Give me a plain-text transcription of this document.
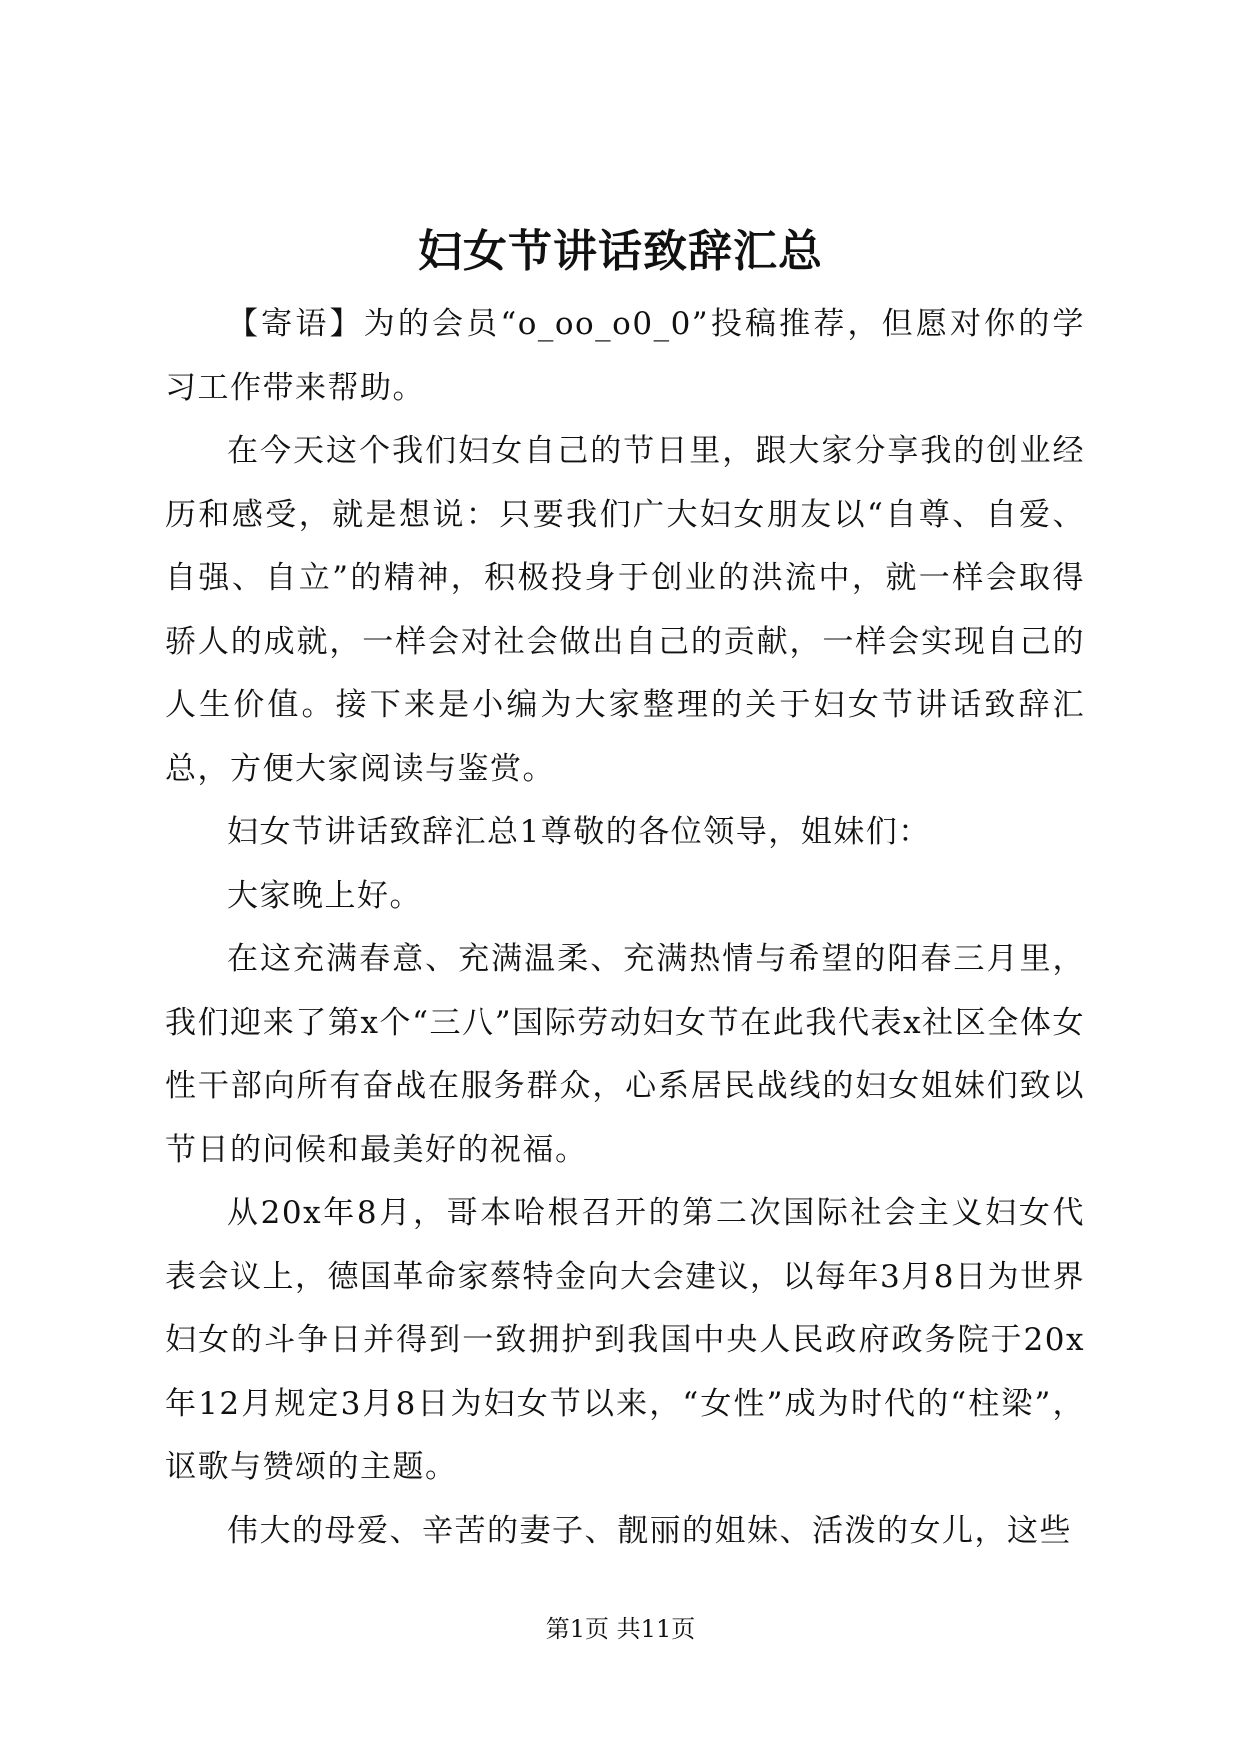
妇女节讲话致辞汇总

【寄语】为的会员“o_oo_o0_0”投稿推荐，但愿对你的学习工作带来帮助。

在今天这个我们妇女自己的节日里，跟大家分享我的创业经历和感受，就是想说：只要我们广大妇女朋友以“自尊、自爱、自强、自立”的精神，积极投身于创业的洪流中，就一样会取得骄人的成就，一样会对社会做出自己的贡献，一样会实现自己的人生价值。接下来是小编为大家整理的关于妇女节讲话致辞汇总，方便大家阅读与鉴赏。

妇女节讲话致辞汇总1尊敬的各位领导，姐妹们：

大家晚上好。

在这充满春意、充满温柔、充满热情与希望的阳春三月里，我们迎来了第x个“三八”国际劳动妇女节在此我代表x社区全体女性干部向所有奋战在服务群众，心系居民战线的妇女姐妹们致以节日的问候和最美好的祝福。

从20x年8月，哥本哈根召开的第二次国际社会主义妇女代表会议上，德国革命家蔡特金向大会建议，以每年3月8日为世界妇女的斗争日并得到一致拥护到我国中央人民政府政务院于20x年12月规定3月8日为妇女节以来，“女性”成为时代的“柱梁”，讴歌与赞颂的主题。

伟大的母爱、辛苦的妻子、靓丽的姐妹、活泼的女儿，这些

第1页 共11页
